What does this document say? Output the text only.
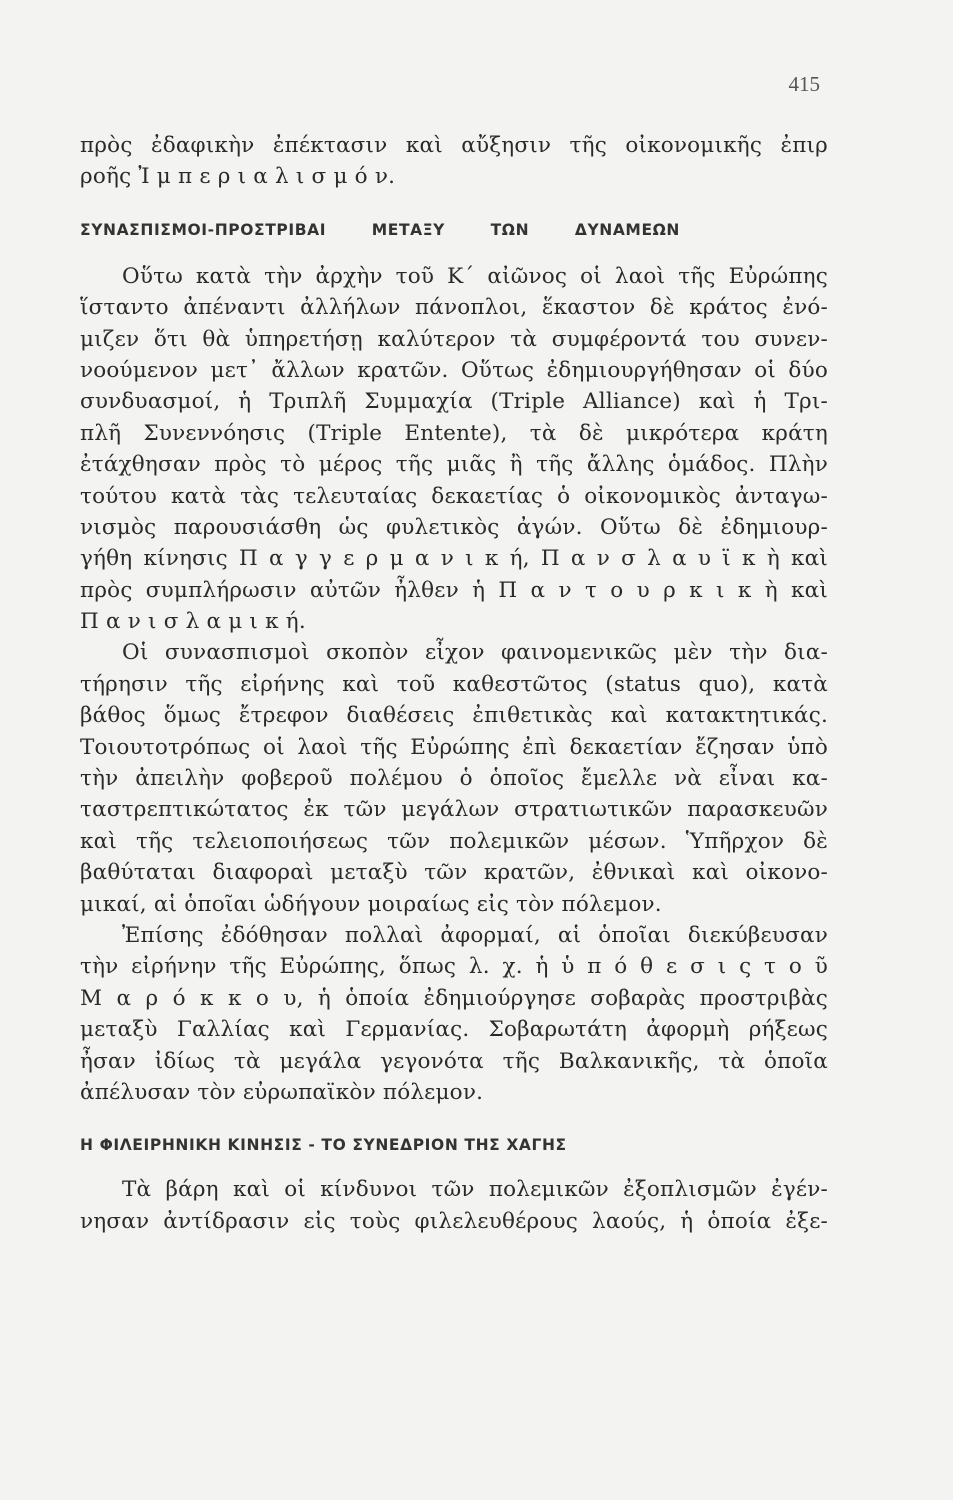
415
πρὸς ἐδαφικὴν ἐπέκτασιν καὶ αὔξησιν τῆς οἰκονομικῆς ἐπιρ
ροῆς Ἰ μ π ε ρ ι α λ ι σ μ ό ν.
ΣΥΝΑΣΠΙΣΜΟΙ-ΠΡΟΣΤΡΙΒΑΙ ΜΕΤΑΞΥ ΤΩΝ ΔΥΝΑΜΕΩΝ
Οὕτω κατὰ τὴν ἀρχὴν τοῦ Κ΄ αἰῶνος οἱ λαοὶ τῆς Εὐρώπης
ἵσταντο ἀπέναντι ἀλλήλων πάνοπλοι, ἕκαστον δὲ κράτος ἐνό-
μιζεν ὅτι θὰ ὑπηρετήσῃ καλύτερον τὰ συμφέροντά του συνεν-
νοούμενον μετ᾽ ἄλλων κρατῶν. Οὕτως ἐδημιουργήθησαν οἱ δύο
συνδυασμοί, ἡ Τριπλῆ Συμμαχία (Triple Alliance) καὶ ἡ Τρι-
πλῆ Συνεννόησις (Triple Entente), τὰ δὲ μικρότερα κράτη
ἐτάχθησαν πρὸς τὸ μέρος τῆς μιᾶς ἢ τῆς ἄλλης ὁμάδος. Πλὴν
τούτου κατὰ τὰς τελευταίας δεκαετίας ὁ οἰκονομικὸς ἀνταγω-
νισμὸς παρουσιάσθη ὡς φυλετικὸς ἀγών. Οὕτω δὲ ἐδημιουρ-
γήθη κίνησις Π α γ γ ε ρ μ α ν ι κ ή, Π α ν σ λ α υ ϊ κ ὴ καὶ
πρὸς συμπλήρωσιν αὐτῶν ἦλθεν ἡ Π α ν τ ο υ ρ κ ι κ ὴ καὶ
Π α ν ι σ λ α μ ι κ ή.
Οἱ συνασπισμοὶ σκοπὸν εἶχον φαινομενικῶς μὲν τὴν δια-
τήρησιν τῆς εἰρήνης καὶ τοῦ καθεστῶτος (status quo), κατὰ
βάθος ὅμως ἔτρεφον διαθέσεις ἐπιθετικὰς καὶ κατακτητικάς.
Τοιουτοτρόπως οἱ λαοὶ τῆς Εὐρώπης ἐπὶ δεκαετίαν ἔζησαν ὑπὸ
τὴν ἀπειλὴν φοβεροῦ πολέμου ὁ ὁποῖος ἔμελλε νὰ εἶναι κα-
ταστρεπτικώτατος ἐκ τῶν μεγάλων στρατιωτικῶν παρασκευῶν
καὶ τῆς τελειοποιήσεως τῶν πολεμικῶν μέσων. Ὑπῆρχον δὲ
βαθύταται διαφοραὶ μεταξὺ τῶν κρατῶν, ἐθνικαὶ καὶ οἰκονο-
μικαί, αἱ ὁποῖαι ὡδήγουν μοιραίως εἰς τὸν πόλεμον.
Ἐπίσης ἐδόθησαν πολλαὶ ἀφορμαί, αἱ ὁποῖαι διεκύβευσαν
τὴν εἰρήνην τῆς Εὐρώπης, ὅπως λ. χ. ἡ ὑ π ό θ ε σ ι ς τ ο ῦ
Μ α ρ ό κ κ ο υ, ἡ ὁποία ἐδημιούργησε σοβαρὰς προστριβὰς
μεταξὺ Γαλλίας καὶ Γερμανίας. Σοβαρωτάτη ἀφορμὴ ρήξεως
ἦσαν ἰδίως τὰ μεγάλα γεγονότα τῆς Βαλκανικῆς, τὰ ὁποῖα
ἀπέλυσαν τὸν εὐρωπαϊκὸν πόλεμον.
Η ΦΙΛΕΙΡΗΝΙΚΗ ΚΙΝΗΣΙΣ - ΤΟ ΣΥΝΕΔΡΙΟΝ ΤΗΣ ΧΑΓΗΣ
Τὰ βάρη καὶ οἱ κίνδυνοι τῶν πολεμικῶν ἐξοπλισμῶν ἐγέν-
νησαν ἀντίδρασιν εἰς τοὺς φιλελευθέρους λαούς, ἡ ὁποία ἐξε-
